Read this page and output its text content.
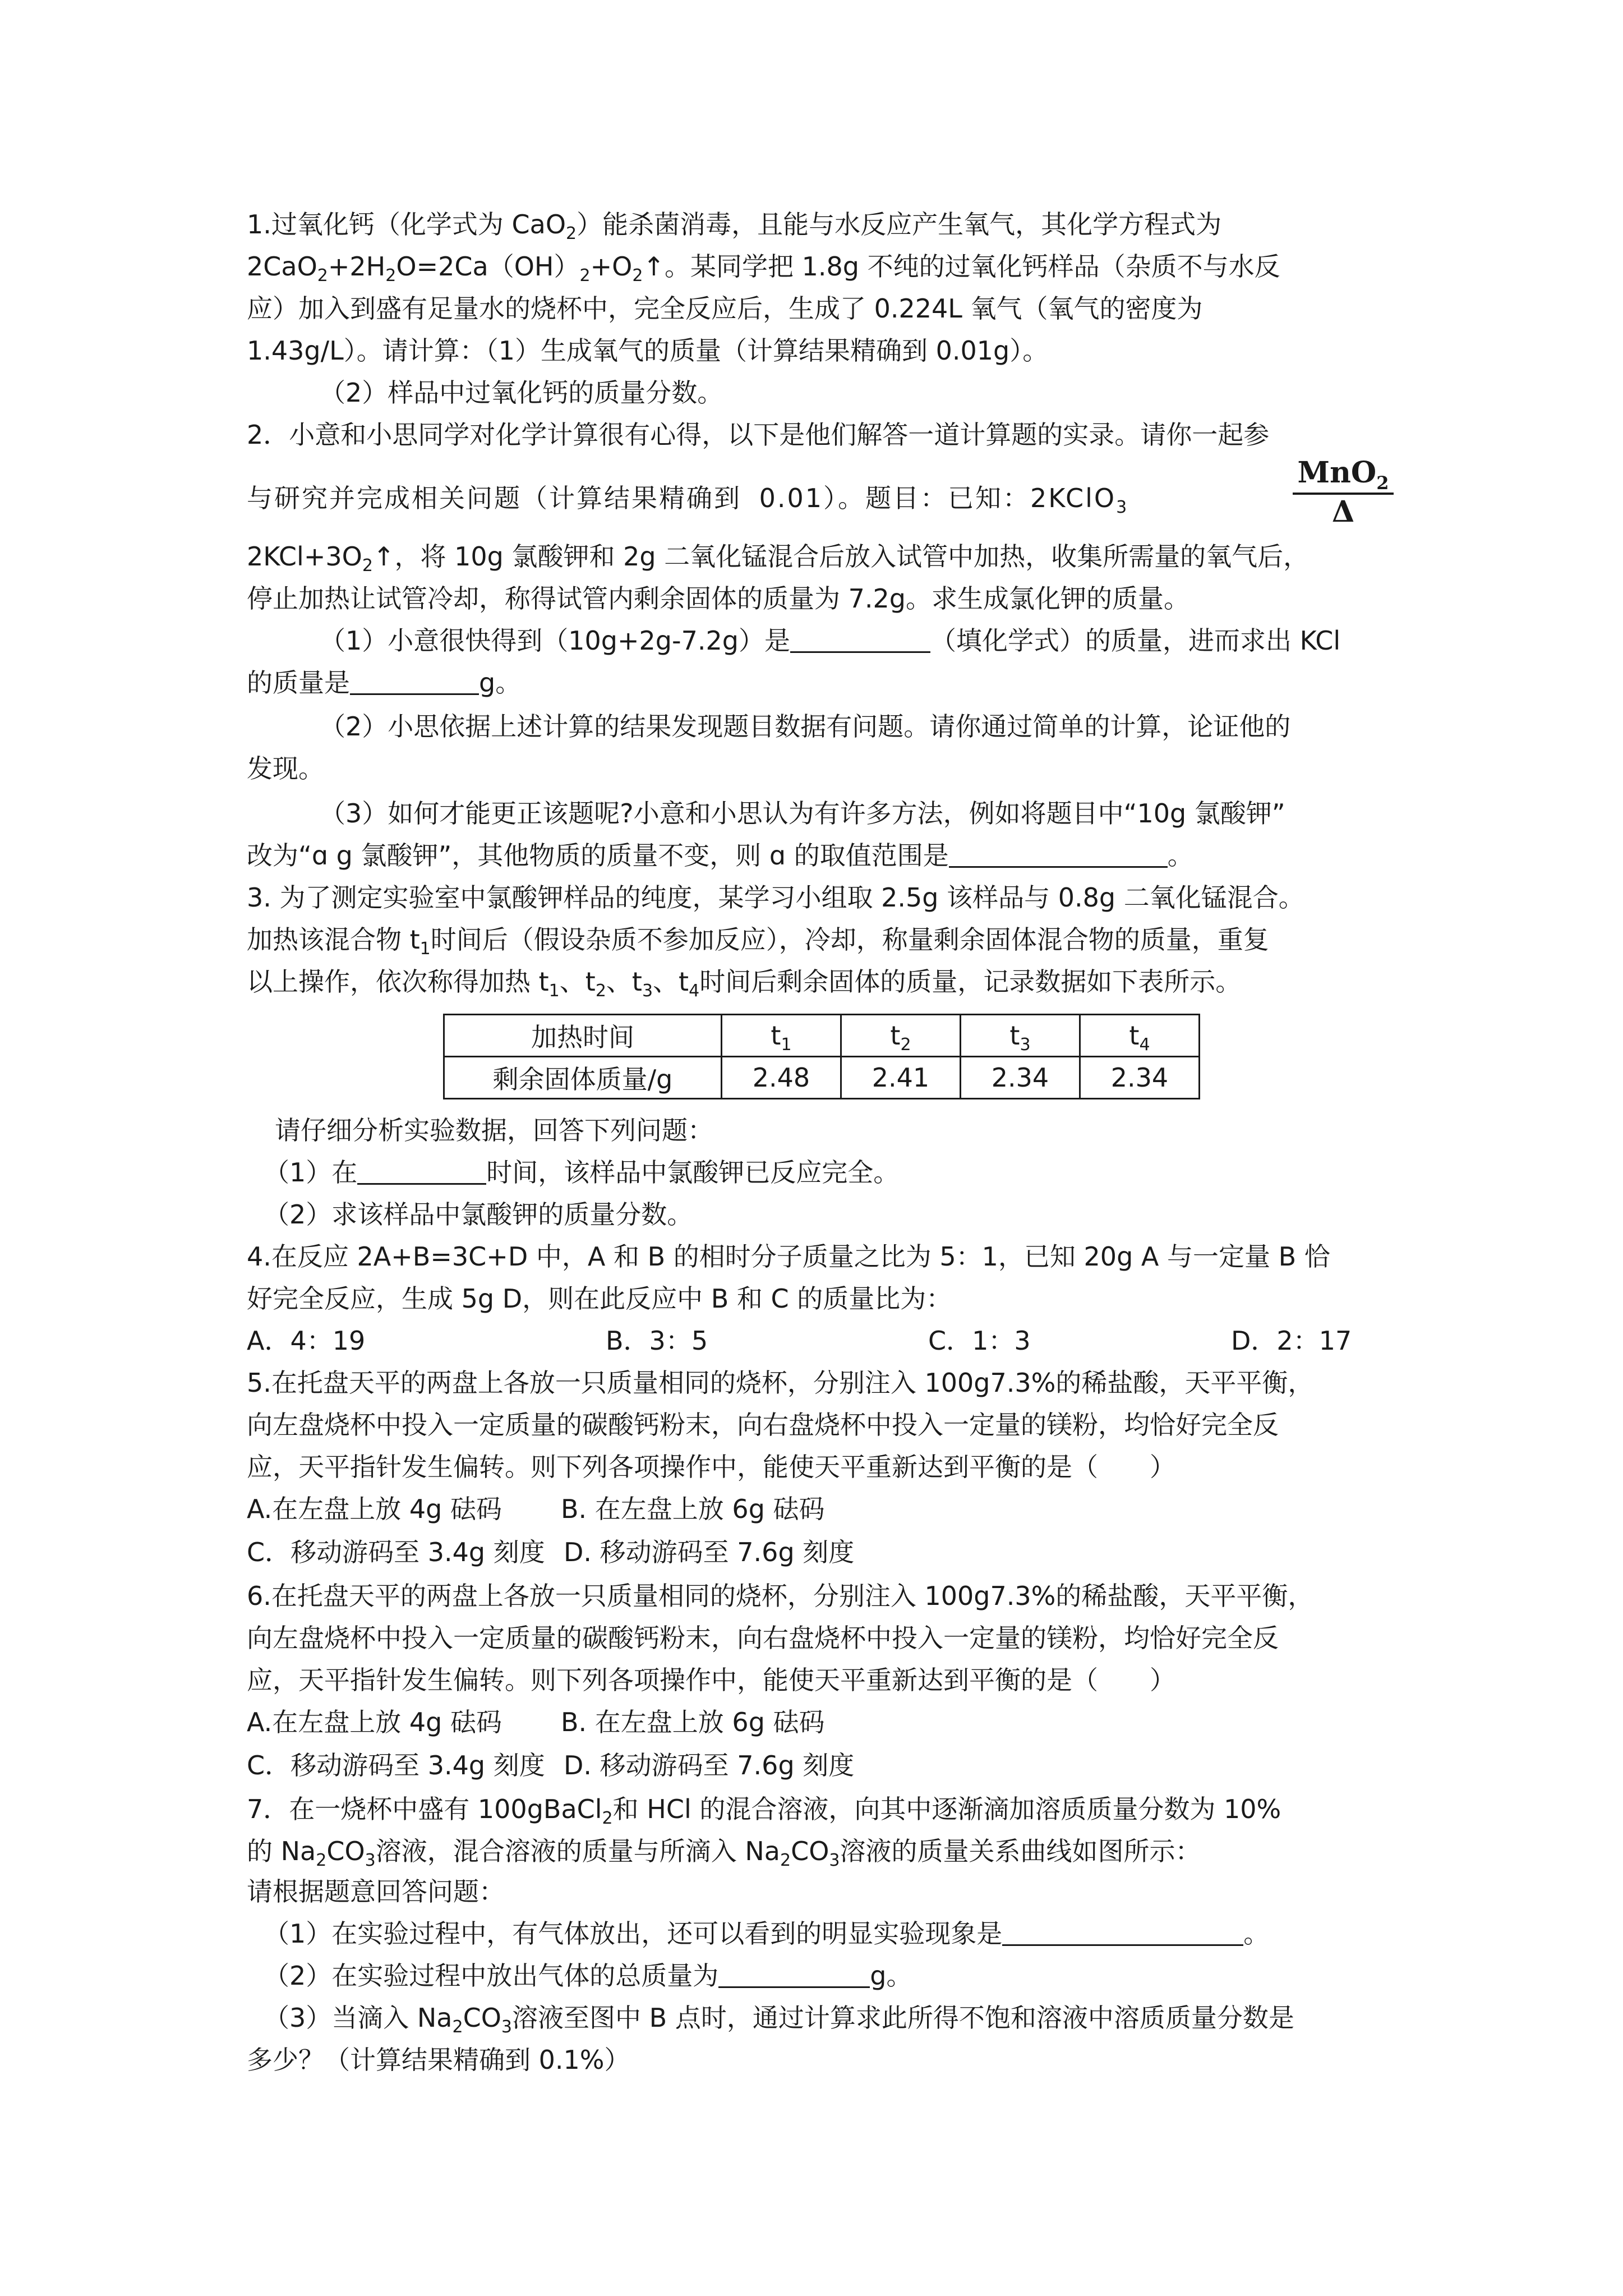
1.过氧化钙（化学式为 CaO$_2$）能杀菌消毒，且能与水反应产生氧气，其化学方程式为
$2CaO_2+2H_2O=2Ca(OH)_2+O_2↑$。某同学把 1.8g 不纯的过氧化钙样品（杂质不与水反
应）加入到盛有足量水的烧杯中，完全反应后，生成了 0.224L 氧气（氧气的密度为
1.43g/L）。请计算：（1）生成氧气的质量（计算结果精确到 0.01g）。
（2）样品中过氧化钙的质量分数。
2．小意和小思同学对化学计算很有心得，以下是他们解答一道计算题的实录。请你一起参
与研究并完成相关问题（计算结果精确到 0.01）。题目：已知：2KClO$_3$
MnO$_2$
Δ
$2KCl+3O_2↑$，将 10g 氯酸钾和 2g 二氧化锰混合后放入试管中加热，收集所需量的氧气后，
停止加热让试管冷却，称得试管内剩余固体的质量为 7.2g。求生成氯化钾的质量。
（1）小意很快得到（10g+2g-7.2g）是	（填化学式）的质量，进而求出 KCl
的质量是	g。
（2）小思依据上述计算的结果发现题目数据有问题。请你通过简单的计算，论证他的
发现。
（3）如何才能更正该题呢?小意和小思认为有许多方法，例如将题目中“10g 氯酸钾”
改为“ɑ g 氯酸钾”，其他物质的质量不变，则 ɑ 的取值范围是	。
3. 为了测定实验室中氯酸钾样品的纯度，某学习小组取 2.5g 该样品与 0.8g 二氧化锰混合。
加热该混合物 $t_1$时间后（假设杂质不参加反应），冷却，称量剩余固体混合物的质量，重复
以上操作，依次称得加热 $t_1$、$t_2$、$t_3$、$t_4$时间后剩余固体的质量，记录数据如下表所示。
加热时间	$t_1$	$t_2$	$t_3$	$t_4$
剩余固体质量/g	2.48	2.41	2.34	2.34
请仔细分析实验数据，回答下列问题：
（1）在	时间，该样品中氯酸钾已反应完全。
（2）求该样品中氯酸钾的质量分数。
4.在反应 2A+B=3C+D 中，A 和 B 的相时分子质量之比为 5：1，已知 20g A 与一定量 B 恰
好完全反应，生成 5g D，则在此反应中 B 和 C 的质量比为：
A．4：19	B．3：5	C．1：3	D．2：17
5.在托盘天平的两盘上各放一只质量相同的烧杯，分别注入 100g7.3%的稀盐酸，天平平衡，
向左盘烧杯中投入一定质量的碳酸钙粉末，向右盘烧杯中投入一定量的镁粉，均恰好完全反
应，天平指针发生偏转。则下列各项操作中，能使天平重新达到平衡的是（　　）
A.在左盘上放 4g 砝码 B. 在左盘上放 6g 砝码
C．移动游码至 3.4g 刻度 D. 移动游码至 7.6g 刻度
6.在托盘天平的两盘上各放一只质量相同的烧杯，分别注入 100g7.3%的稀盐酸，天平平衡，
向左盘烧杯中投入一定质量的碳酸钙粉末，向右盘烧杯中投入一定量的镁粉，均恰好完全反
应，天平指针发生偏转。则下列各项操作中，能使天平重新达到平衡的是（　　）
A.在左盘上放 4g 砝码 B. 在左盘上放 6g 砝码
C．移动游码至 3.4g 刻度 D. 移动游码至 7.6g 刻度
7．在一烧杯中盛有 100gBaCl$_2$和 HCl 的混合溶液，向其中逐渐滴加溶质质量分数为 10%
的 $Na_2CO_3$溶液，混合溶液的质量与所滴入 $Na_2CO_3$溶液的质量关系曲线如图所示：
请根据题意回答问题：
（1）在实验过程中，有气体放出，还可以看到的明显实验现象是	。
（2）在实验过程中放出气体的总质量为	g。
（3）当滴入 $Na_2CO_3$溶液至图中 B 点时，通过计算求此所得不饱和溶液中溶质质量分数是
多少？（计算结果精确到 0.1%）
